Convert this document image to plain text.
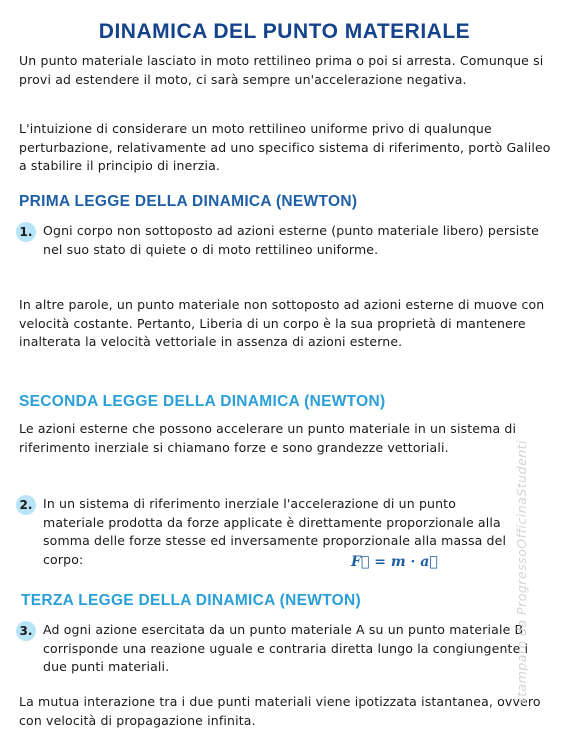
DINAMICA DEL PUNTO MATERIALE

Un punto materiale lasciato in moto rettilineo prima o poi si arresta. Comunque si provi ad estendere il moto, ci sarà sempre un'accelerazione negativa.

L'intuizione di considerare un moto rettilineo uniforme privo di qualunque perturbazione, relativamente ad uno specifico sistema di riferimento, portò Galileo a stabilire il principio di inerzia.

PRIMA LEGGE DELLA DINAMICA (NEWTON)
1. Ogni corpo non sottoposto ad azioni esterne (punto materiale libero) persiste nel suo stato di quiete o di moto rettilineo uniforme.

In altre parole, un punto materiale non sottoposto ad azioni esterne di muove con velocità costante. Pertanto, Liberia di un corpo è la sua proprietà di mantenere inalterata la velocità vettoriale in assenza di azioni esterne.

SECONDA LEGGE DELLA DINAMICA (NEWTON)

Le azioni esterne che possono accelerare un punto materiale in un sistema di riferimento inerziale si chiamano forze e sono grandezze vettoriali.

2. In un sistema di riferimento inerziale l'accelerazione di un punto materiale prodotta da forze applicate è direttamente proporzionale alla somma delle forze stesse ed inversamente proporzionale alla massa del corpo:	F⃗ = m · a⃗
TERZA LEGGE DELLA DINAMICA (NEWTON)
3. Ad ogni azione esercitata da un punto materiale A su un punto materiale B corrisponde una reazione uguale e contraria diretta lungo la congiungente i due punti materiali.

La mutua interazione tra i due punti materiali viene ipotizzata istantanea, ovvero con velocità di propagazione infinita.

stampato da ProgressoOfficinaStudenti
